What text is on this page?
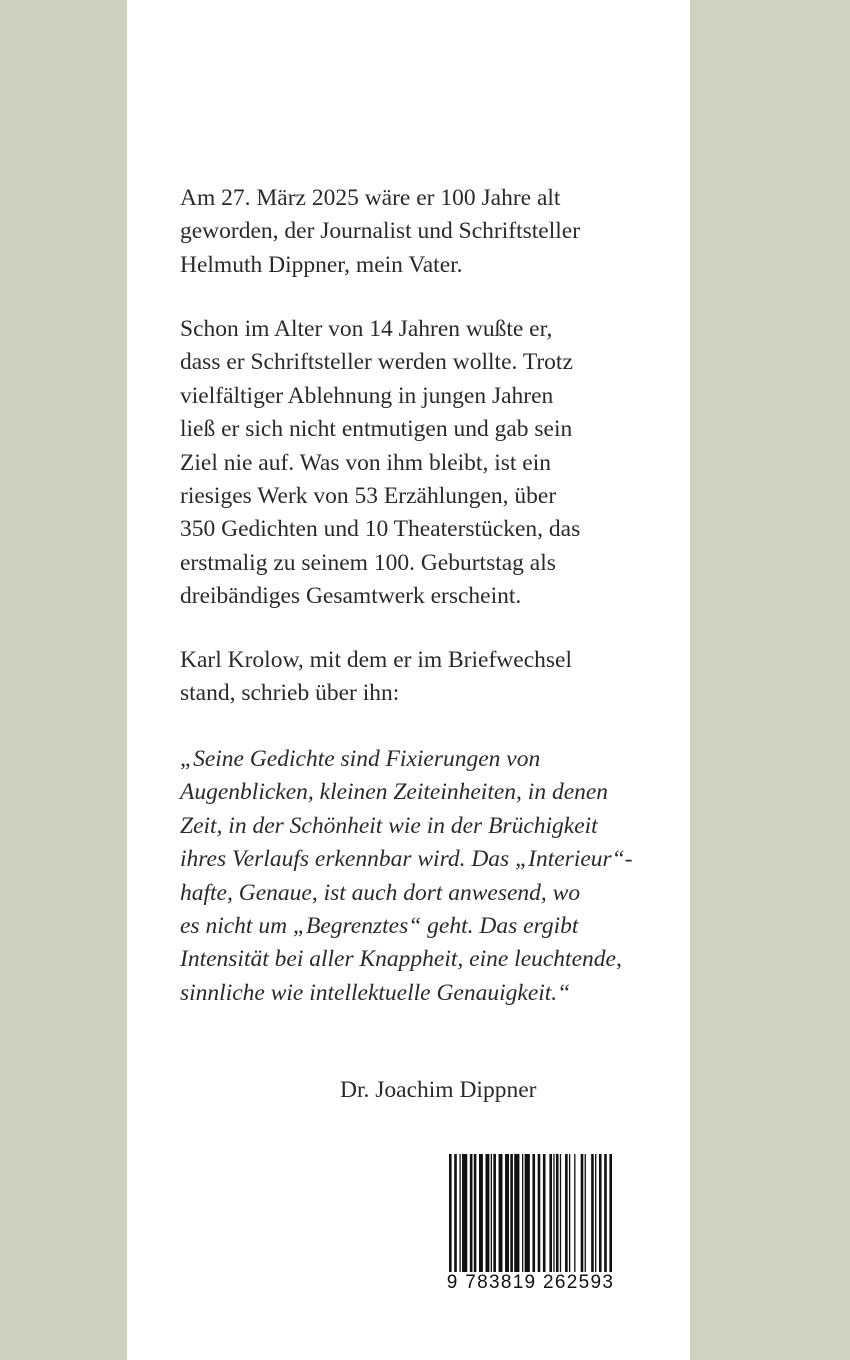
Am 27. März 2025 wäre er 100 Jahre alt
geworden, der Journalist und Schriftsteller
Helmuth Dippner, mein Vater.
Schon im Alter von 14 Jahren wußte er,
dass er Schriftsteller werden wollte. Trotz
vielfältiger Ablehnung in jungen Jahren
ließ er sich nicht entmutigen und gab sein
Ziel nie auf. Was von ihm bleibt, ist ein
riesiges Werk von 53 Erzählungen, über
350 Gedichten und 10 Theaterstücken, das
erstmalig zu seinem 100. Geburtstag als
dreibändiges Gesamtwerk erscheint.
Karl Krolow, mit dem er im Briefwechsel
stand, schrieb über ihn:
„Seine Gedichte sind Fixierungen von
Augenblicken, kleinen Zeiteinheiten, in denen
Zeit, in der Schönheit wie in der Brüchigkeit
ihres Verlaufs erkennbar wird. Das „Interieur“-
hafte, Genaue, ist auch dort anwesend, wo
es nicht um „Begrenztes“ geht. Das ergibt
Intensität bei aller Knappheit, eine leuchtende,
sinnliche wie intellektuelle Genauigkeit.“
Dr. Joachim Dippner
9 783819 262593
